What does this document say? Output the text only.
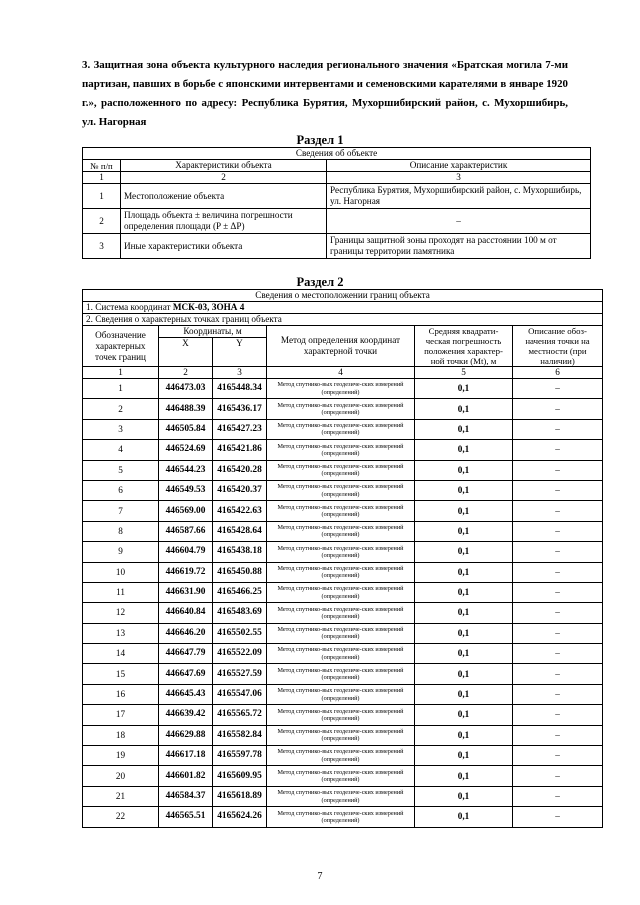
3. Защитная зона объекта культурного наследия регионального значения «Братская могила 7-ми партизан, павших в борьбе с японскими интервентами и семеновскими карателями в январе 1920 г.», расположенного по адресу: Республика Бурятия, Мухоршибирский район, с. Мухоршибирь, ул. Нагорная
Раздел 1
Сведения об объекте		
№ п/п	Характеристики объекта	Описание характеристик
1	2	3
1	Местоположение объекта	Республика Бурятия, Мухоршибирский район, с. Мухоршибирь, ул. Нагорная
2	Площадь объекта ± величина погрешности определения площади (P ± ΔP)	–
3	Иные характеристики объекта	Границы защитной зоны проходят на расстоянии 100 м от границы территории памятника
Раздел 2
Сведения о местоположении границ объекта					
1. Система координат МСК-03, ЗОНА 4					
2. Сведения о характерных точках границ объекта					
Обозначение характерных точек границ	Координаты, м		Метод определения координат характерной точки	Средняя квадрати-ческая погрешность положения характер-ной точки (Mt), м	Описание обоз-начения точки на местности (при наличии)
	X	Y			
1	2	3	4	5	6
1	446473.03	4165448.34	Метод спутнико-вых геодезиче-ских измерений (определений)	0,1	–
2	446488.39	4165436.17	Метод спутнико-вых геодезиче-ских измерений (определений)	0,1	–
3	446505.84	4165427.23	Метод спутнико-вых геодезиче-ских измерений (определений)	0,1	–
4	446524.69	4165421.86	Метод спутнико-вых геодезиче-ских измерений (определений)	0,1	–
5	446544.23	4165420.28	Метод спутнико-вых геодезиче-ских измерений (определений)	0,1	–
6	446549.53	4165420.37	Метод спутнико-вых геодезиче-ских измерений (определений)	0,1	–
7	446569.00	4165422.63	Метод спутнико-вых геодезиче-ских измерений (определений)	0,1	–
8	446587.66	4165428.64	Метод спутнико-вых геодезиче-ских измерений (определений)	0,1	–
9	446604.79	4165438.18	Метод спутнико-вых геодезиче-ских измерений (определений)	0,1	–
10	446619.72	4165450.88	Метод спутнико-вых геодезиче-ских измерений (определений)	0,1	–
11	446631.90	4165466.25	Метод спутнико-вых геодезиче-ских измерений (определений)	0,1	–
12	446640.84	4165483.69	Метод спутнико-вых геодезиче-ских измерений (определений)	0,1	–
13	446646.20	4165502.55	Метод спутнико-вых геодезиче-ских измерений (определений)	0,1	–
14	446647.79	4165522.09	Метод спутнико-вых геодезиче-ских измерений (определений)	0,1	–
15	446647.69	4165527.59	Метод спутнико-вых геодезиче-ских измерений (определений)	0,1	–
16	446645.43	4165547.06	Метод спутнико-вых геодезиче-ских измерений (определений)	0,1	–
17	446639.42	4165565.72	Метод спутнико-вых геодезиче-ских измерений (определений)	0,1	–
18	446629.88	4165582.84	Метод спутнико-вых геодезиче-ских измерений (определений)	0,1	–
19	446617.18	4165597.78	Метод спутнико-вых геодезиче-ских измерений (определений)	0,1	–
20	446601.82	4165609.95	Метод спутнико-вых геодезиче-ских измерений (определений)	0,1	–
21	446584.37	4165618.89	Метод спутнико-вых геодезиче-ских измерений (определений)	0,1	–
22	446565.51	4165624.26	Метод спутнико-вых геодезиче-ских измерений (определений)	0,1	–
7
